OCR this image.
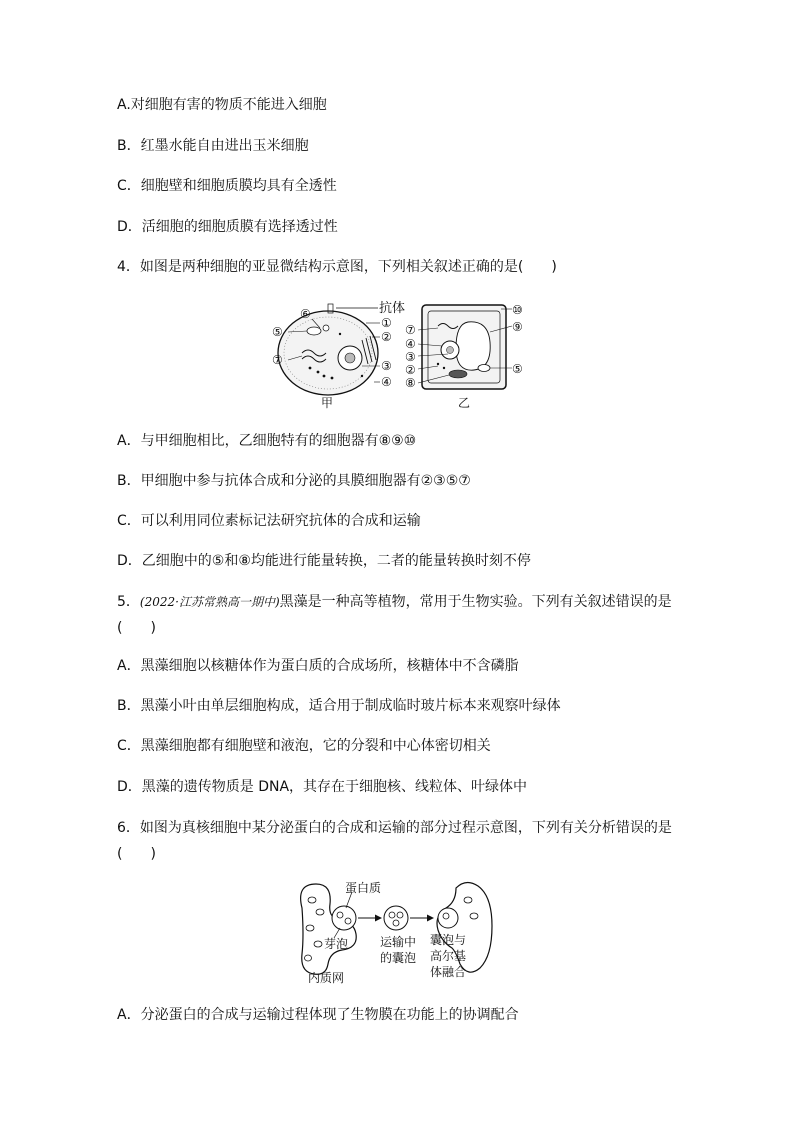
A.对细胞有害的物质不能进入细胞
B．红墨水能自由进出玉米细胞
C．细胞壁和细胞质膜均具有全透性
D．活细胞的细胞质膜有选择透过性
4．如图是两种细胞的亚显微结构示意图，下列相关叙述正确的是(　　)
抗体
⑥
⑤
⑦
①
②
③
④
甲
⑩
⑨
⑤
⑦
④
③
②
⑧
乙
A．与甲细胞相比，乙细胞特有的细胞器有⑧⑨⑩
B．甲细胞中参与抗体合成和分泌的具膜细胞器有②③⑤⑦
C．可以利用同位素标记法研究抗体的合成和运输
D．乙细胞中的⑤和⑧均能进行能量转换，二者的能量转换时刻不停
5．(2022·江苏常熟高一期中)黑藻是一种高等植物，常用于生物实验。下列有关叙述错误的是
(　　)
A．黑藻细胞以核糖体作为蛋白质的合成场所，核糖体中不含磷脂
B．黑藻小叶由单层细胞构成，适合用于制成临时玻片标本来观察叶绿体
C．黑藻细胞都有细胞壁和液泡，它的分裂和中心体密切相关
D．黑藻的遗传物质是 DNA，其存在于细胞核、线粒体、叶绿体中
6．如图为真核细胞中某分泌蛋白的合成和运输的部分过程示意图，下列有关分析错误的是
(　　)
蛋白质
芽泡
内质网
运输中
的囊泡
囊泡与
高尔基
体融合
A．分泌蛋白的合成与运输过程体现了生物膜在功能上的协调配合
